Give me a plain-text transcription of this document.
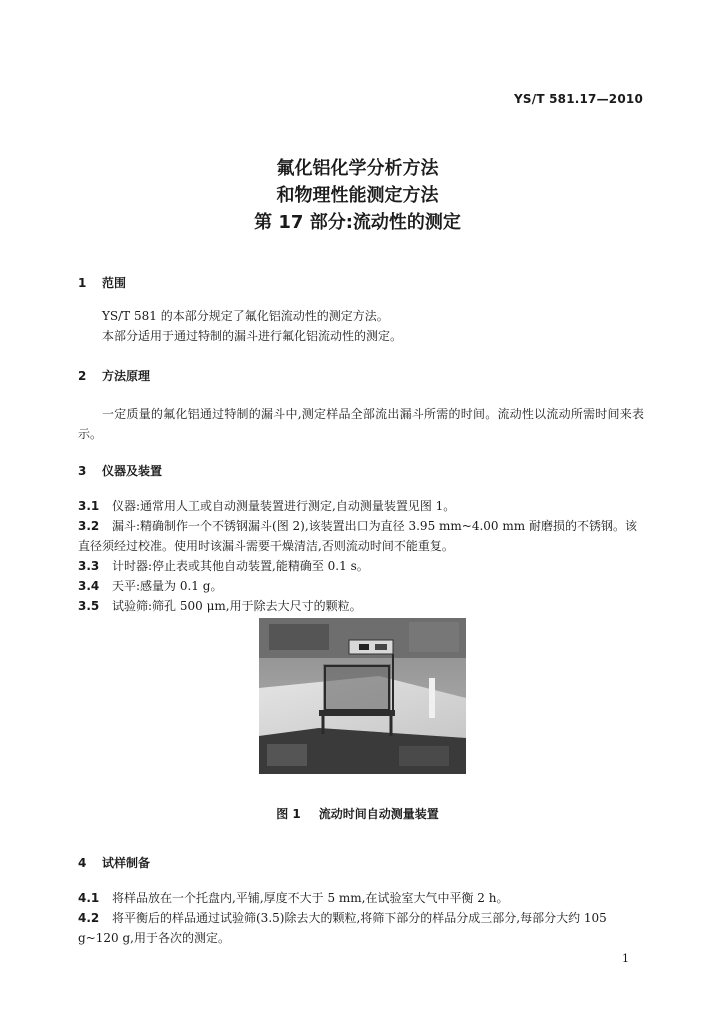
YS/T 581.17—2010
氟化铝化学分析方法
和物理性能测定方法
第 17 部分:流动性的测定
1 范围
YS/T 581 的本部分规定了氟化铝流动性的测定方法。
本部分适用于通过特制的漏斗进行氟化铝流动性的测定。
2 方法原理
一定质量的氟化铝通过特制的漏斗中,测定样品全部流出漏斗所需的时间。流动性以流动所需时间来表示。
3 仪器及装置
3.1 仪器:通常用人工或自动测量装置进行测定,自动测量装置见图 1。
3.2 漏斗:精确制作一个不锈钢漏斗(图 2),该装置出口为直径 3.95 mm~4.00 mm 耐磨损的不锈钢。该直径须经过校准。使用时该漏斗需要干燥清洁,否则流动时间不能重复。
3.3 计时器:停止表或其他自动装置,能精确至 0.1 s。
3.4 天平:感量为 0.1 g。
3.5 试验筛:筛孔 500 μm,用于除去大尺寸的颗粒。
图 1 流动时间自动测量装置
4 试样制备
4.1 将样品放在一个托盘内,平铺,厚度不大于 5 mm,在试验室大气中平衡 2 h。
4.2 将平衡后的样品通过试验筛(3.5)除去大的颗粒,将筛下部分的样品分成三部分,每部分大约 105 g~120 g,用于各次的测定。
1
